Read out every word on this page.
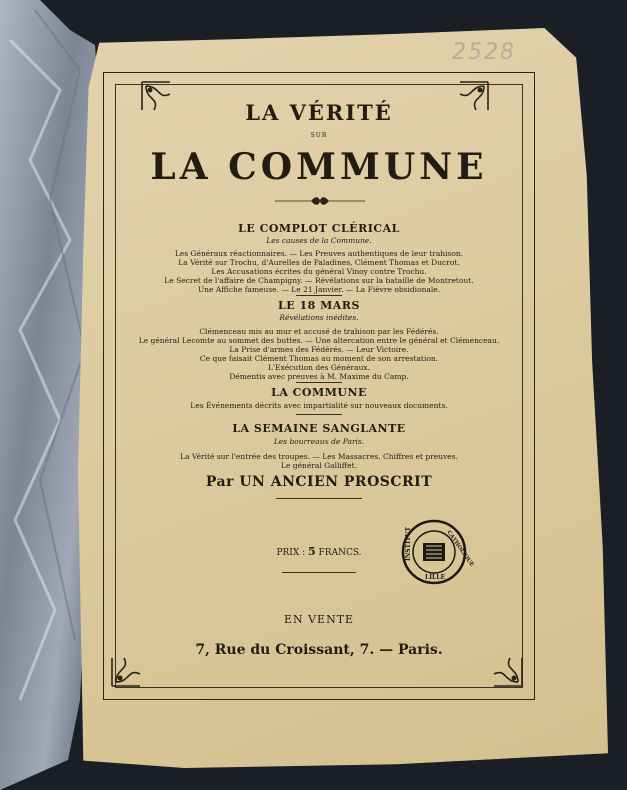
2528
LA VÉRITÉ
SUR
LA COMMUNE
LE COMPLOT CLÉRICAL
Les causes de la Commune.
Les Généraux réactionnaires. — Les Preuves authentiques de leur trahison.
La Vérité sur Trochu, d'Aurelles de Paladines, Clément Thomas et Ducrot.
Les Accusations écrites du général Vinoy contre Trochu.
Le Secret de l'affaire de Champigny. — Révélations sur la bataille de Montretout.
Une Affiche fameuse. — Le 21 Janvier. — La Fièvre obsidionale.
LE 18 MARS
Révélations inédites.
Clémenceau mis au mur et accusé de trahison par les Fédérés.
Le général Lecomte au sommet des buttes. — Une altercation entre le général et Clémenceau.
La Prise d'armes des Fédérés. — Leur Victoire.
Ce que faisait Clément Thomas au moment de son arrestation.
L'Exécution des Généraux.
Démentis avec preuves à M. Maxime du Camp.
LA COMMUNE
Les Événements décrits avec impartialité sur nouveaux documents.
LA SEMAINE SANGLANTE
Les bourreaux de Paris.
La Vérité sur l'entrée des troupes. — Les Massacres. Chiffres et preuves.
Le général Galliffet.
Par UN ANCIEN PROSCRIT
PRIX : 5 FRANCS.
EN VENTE
7, Rue du Croissant, 7. — Paris.
INSTITUT	CATHOLIQUE
LILLE
